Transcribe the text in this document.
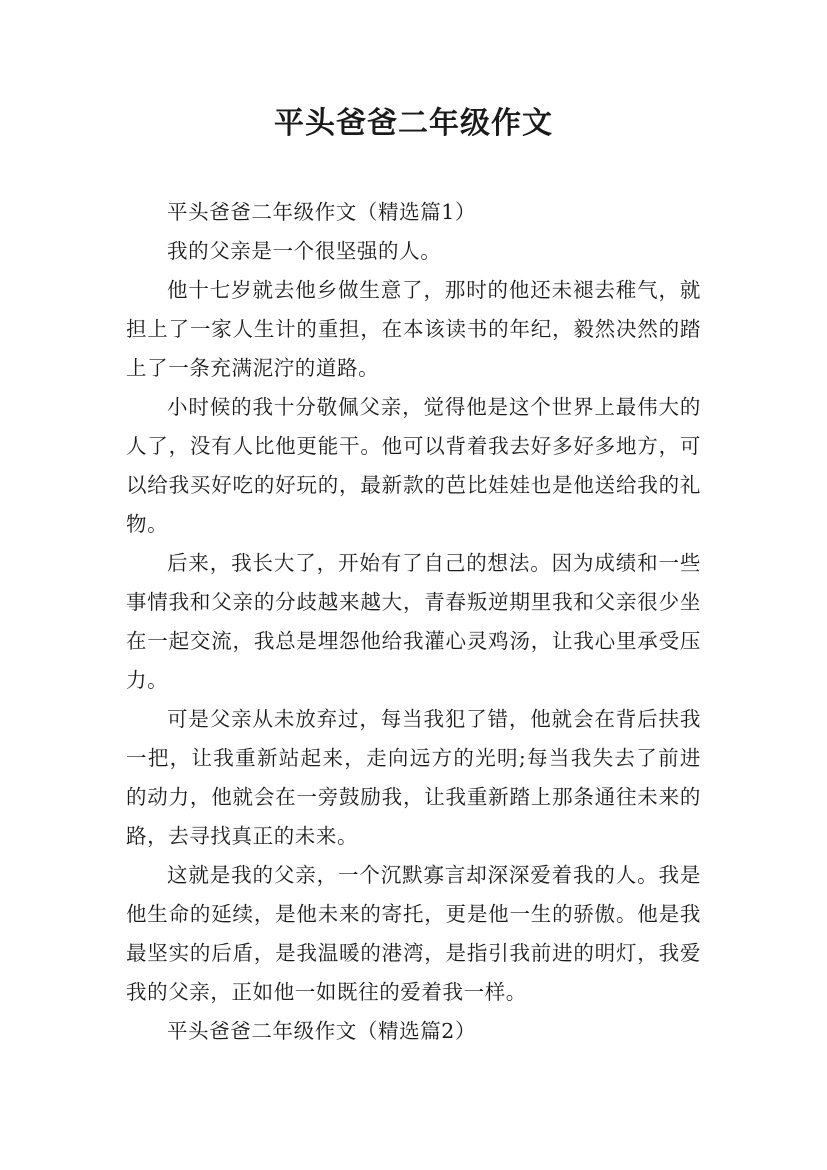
平头爸爸二年级作文

平头爸爸二年级作文（精选篇1）

我的父亲是一个很坚强的人。

他十七岁就去他乡做生意了，那时的他还未褪去稚气，就担上了一家人生计的重担，在本该读书的年纪，毅然决然的踏上了一条充满泥泞的道路。

小时候的我十分敬佩父亲，觉得他是这个世界上最伟大的人了，没有人比他更能干。他可以背着我去好多好多地方，可以给我买好吃的好玩的，最新款的芭比娃娃也是他送给我的礼物。

后来，我长大了，开始有了自己的想法。因为成绩和一些事情我和父亲的分歧越来越大，青春叛逆期里我和父亲很少坐在一起交流，我总是埋怨他给我灌心灵鸡汤，让我心里承受压力。

可是父亲从未放弃过，每当我犯了错，他就会在背后扶我一把，让我重新站起来，走向远方的光明;每当我失去了前进的动力，他就会在一旁鼓励我，让我重新踏上那条通往未来的路，去寻找真正的未来。

这就是我的父亲，一个沉默寡言却深深爱着我的人。我是他生命的延续，是他未来的寄托，更是他一生的骄傲。他是我最坚实的后盾，是我温暖的港湾，是指引我前进的明灯，我爱我的父亲，正如他一如既往的爱着我一样。

平头爸爸二年级作文（精选篇2）
